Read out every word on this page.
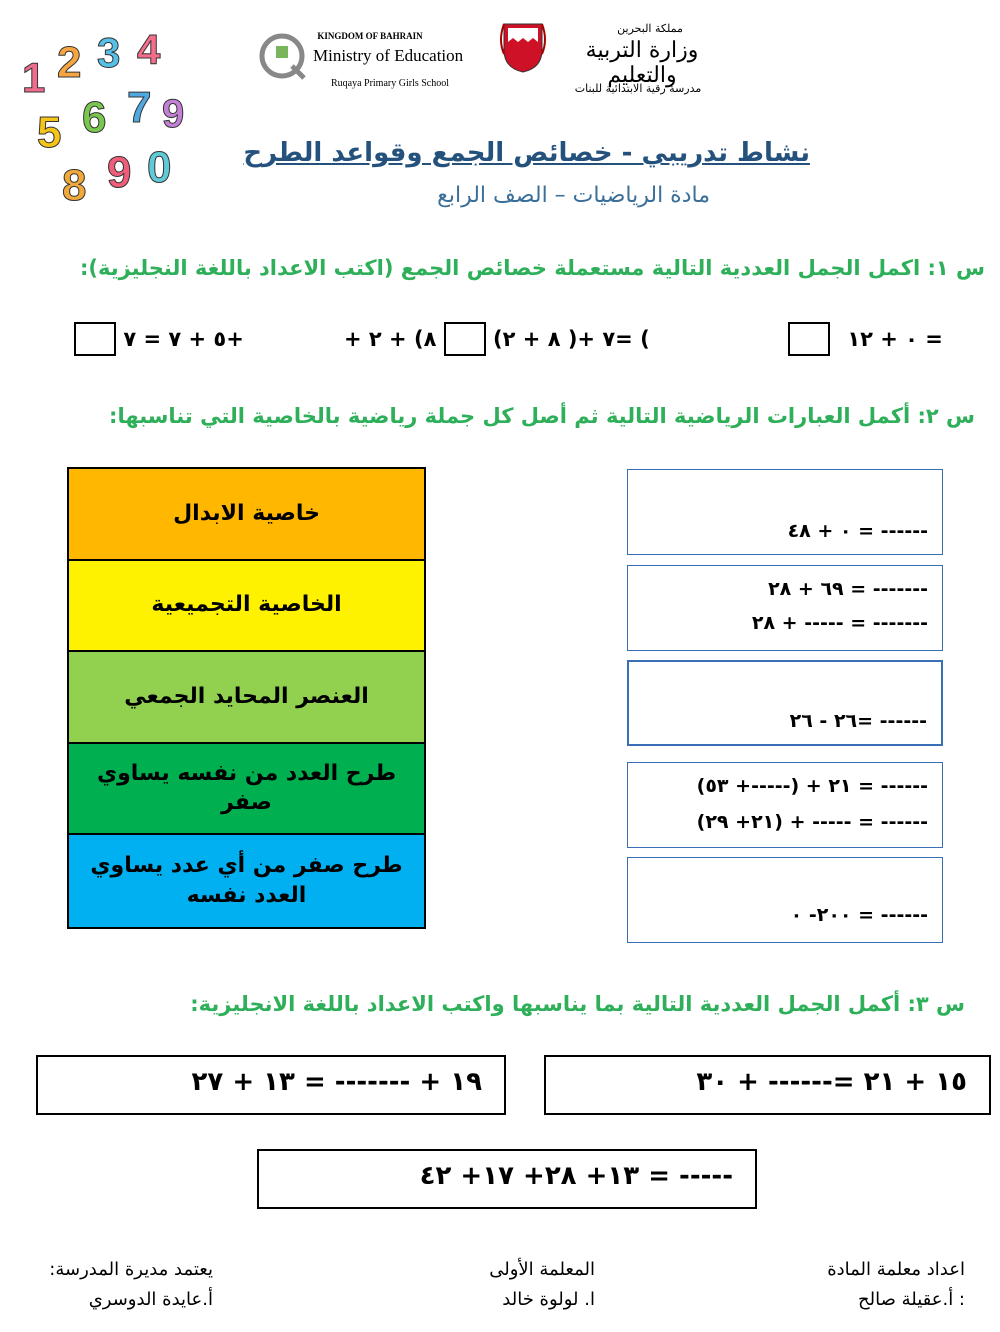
1 2 3 4
5 6 7 9
8 9 0
KINGDOM OF BAHRAIN
Ministry of Education
Ruqaya Primary Girls School
مملكة البحرين
وزارة التربية والتعليم
مدرسة رقية الابتدائية للبنات
نشاط تدريبي - خصائص الجمع وقواعد الطرح
مادة الرياضيات – الصف الرابع
س ١: اكمل الجمل العددية التالية مستعملة خصائص الجمع (اكتب الاعداد باللغة النجليزية):
٠ + ١٢ =
+ ٨) + ٢	٧ +( ٨ + ٢)= (
٥ + ٧ = ٧+
س ٢: أكمل العبارات الرياضية التالية ثم أصل كل جملة رياضية بالخاصية التي تناسبها:
خاصية الابدال
الخاصية التجميعية
العنصر المحايد الجمعي
طرح العدد من نفسه يساوي صفر
طرح صفر من أي عدد يساوي العدد نفسه
٠ + ٤٨ = ------
٦٩ + ٢٨ = -------
٢٨ + ----- = -------
٢٦ - ٢٦= ------
٢١ + (-----+ ٥٣) = ------
(٢١+ ٢٩) + ----- = ------
٢٠٠- ٠ = ------
س ٣: أكمل الجمل العددية التالية بما يناسبها واكتب الاعداد باللغة الانجليزية:
١٥ + ٢١ =------ + ٣٠
١٩ + ------- = ١٣ + ٢٧
١٣+ ٢٨+ ١٧+ ٤٢ = -----
اعداد معلمة المادة
: أ.عقيلة صالح
المعلمة الأولى
ا. لولوة خالد
يعتمد مديرة المدرسة:
أ.عايدة الدوسري
